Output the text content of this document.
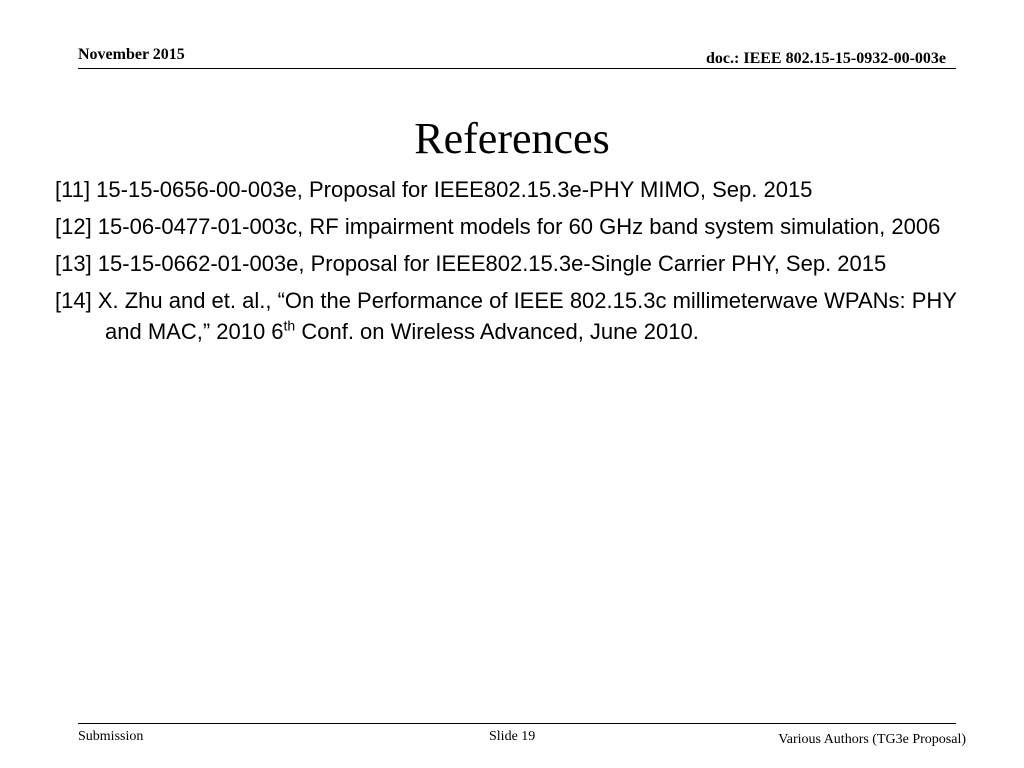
November 2015	doc.: IEEE 802.15-15-0932-00-003e
References
[11] 15-15-0656-00-003e, Proposal for IEEE802.15.3e-PHY MIMO, Sep. 2015
[12] 15-06-0477-01-003c, RF impairment models for 60 GHz band system simulation, 2006
[13] 15-15-0662-01-003e, Proposal for IEEE802.15.3e-Single Carrier PHY, Sep. 2015
[14] X. Zhu and et. al., “On the Performance of IEEE 802.15.3c millimeterwave WPANs: PHY and MAC,” 2010 6th Conf. on Wireless Advanced, June 2010.
Submission	Slide 19	Various Authors (TG3e Proposal)
